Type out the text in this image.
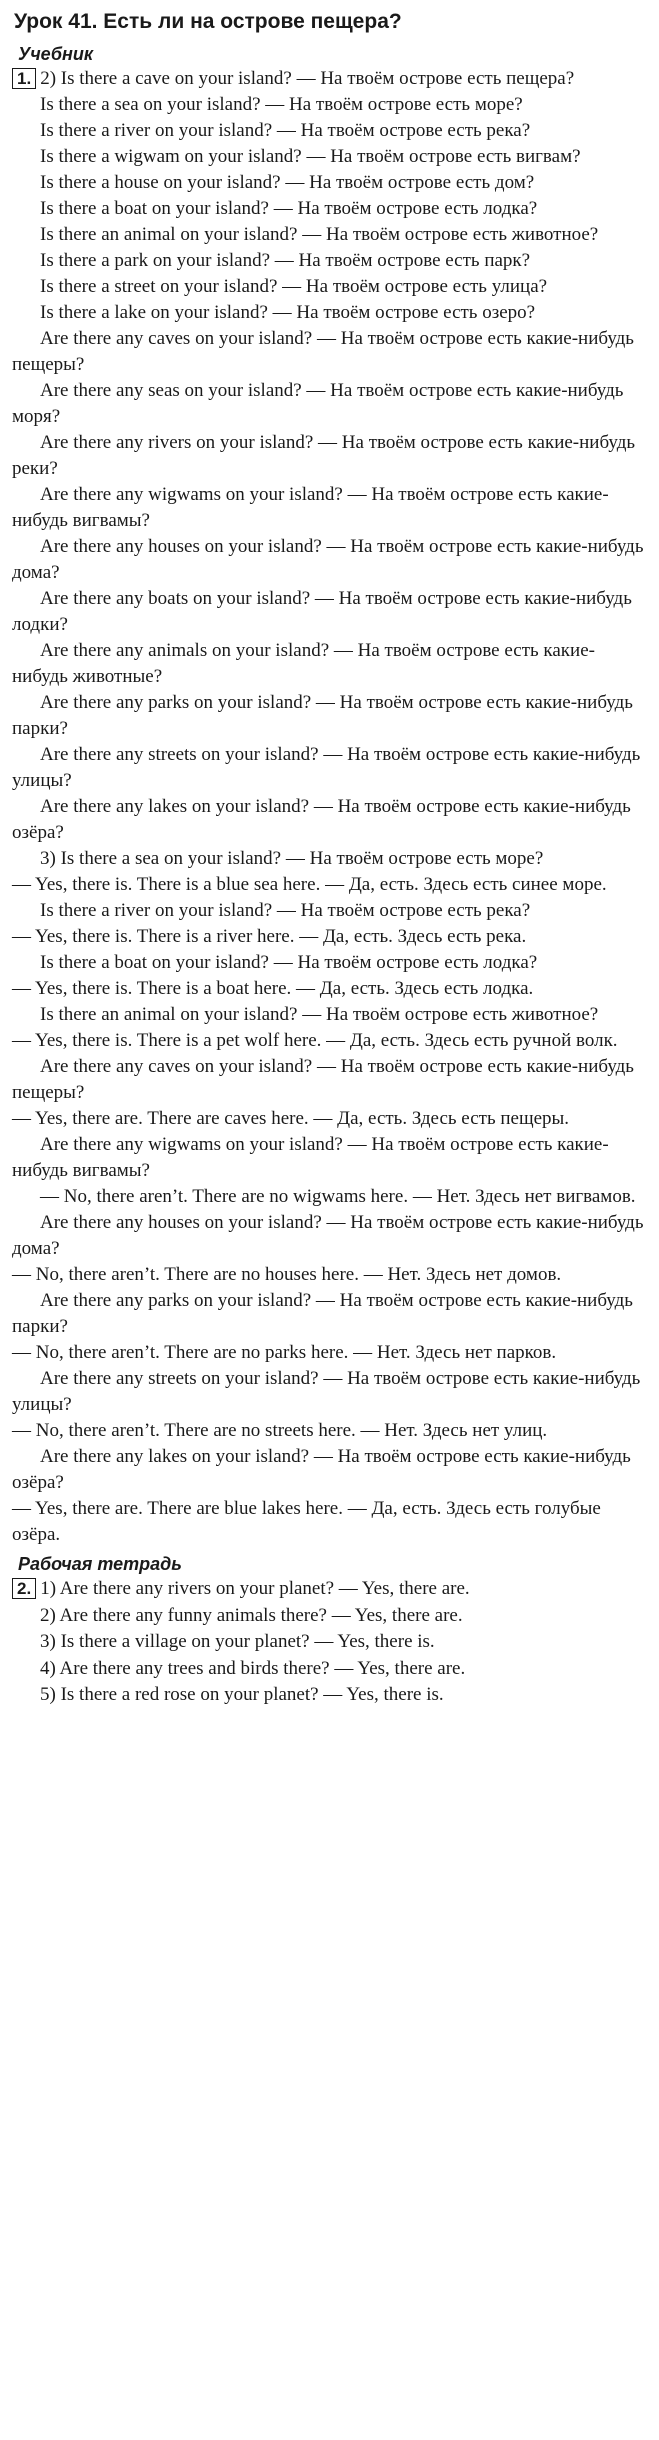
Урок 41. Есть ли на острове пещера?
Учебник

1. 2) Is there a cave on your island? — На твоём острове есть пещера?

Is there a sea on your island? — На твоём острове есть море?

Is there a river on your island? — На твоём острове есть река?

Is there a wigwam on your island? — На твоём острове есть вигвам?

Is there a house on your island? — На твоём острове есть дом?

Is there a boat on your island? — На твоём острове есть лодка?

Is there an animal on your island? — На твоём острове есть животное?

Is there a park on your island? — На твоём острове есть парк?

Is there a street on your island? — На твоём острове есть улица?

Is there a lake on your island? — На твоём острове есть озеро?

Are there any caves on your island? — На твоём острове есть какие-нибудь пещеры?

Are there any seas on your island? — На твоём острове есть какие-нибудь моря?

Are there any rivers on your island? — На твоём острове есть какие-нибудь реки?

Are there any wigwams on your island? — На твоём острове есть какие-нибудь вигвамы?

Are there any houses on your island? — На твоём острове есть какие-нибудь дома?

Are there any boats on your island? — На твоём острове есть какие-нибудь лодки?

Are there any animals on your island? — На твоём острове есть какие-нибудь животные?

Are there any parks on your island? — На твоём острове есть какие-нибудь парки?

Are there any streets on your island? — На твоём острове есть какие-нибудь улицы?

Are there any lakes on your island? — На твоём острове есть какие-нибудь озёра?

3) Is there a sea on your island? — На твоём острове есть море?

— Yes, there is. There is a blue sea here. — Да, есть. Здесь есть синее море.

Is there a river on your island? — На твоём острове есть река?

— Yes, there is. There is a river here. — Да, есть. Здесь есть река.

Is there a boat on your island? — На твоём острове есть лодка?

— Yes, there is. There is a boat here. — Да, есть. Здесь есть лодка.

Is there an animal on your island? — На твоём острове есть животное?

— Yes, there is. There is a pet wolf here. — Да, есть. Здесь есть ручной волк.

Are there any caves on your island? — На твоём острове есть какие-нибудь пещеры?

— Yes, there are. There are caves here. — Да, есть. Здесь есть пещеры.

Are there any wigwams on your island? — На твоём острове есть какие-нибудь вигвамы?

— No, there aren’t. There are no wigwams here. — Нет. Здесь нет вигвамов.

Are there any houses on your island? — На твоём острове есть какие-нибудь дома?

— No, there aren’t. There are no houses here. — Нет. Здесь нет домов.

Are there any parks on your island? — На твоём острове есть какие-нибудь парки?

— No, there aren’t. There are no parks here. — Нет. Здесь нет парков.

Are there any streets on your island? — На твоём острове есть какие-нибудь улицы?

— No, there aren’t. There are no streets here. — Нет. Здесь нет улиц.

Are there any lakes on your island? — На твоём острове есть какие-нибудь озёра?

— Yes, there are. There are blue lakes here. — Да, есть. Здесь есть голубые озёра.

Рабочая тетрадь

2. 1) Are there any rivers on your planet? — Yes, there are.

2) Are there any funny animals there? — Yes, there are.

3) Is there a village on your planet? — Yes, there is.

4) Are there any trees and birds there? — Yes, there are.

5) Is there a red rose on your planet? — Yes, there is.
